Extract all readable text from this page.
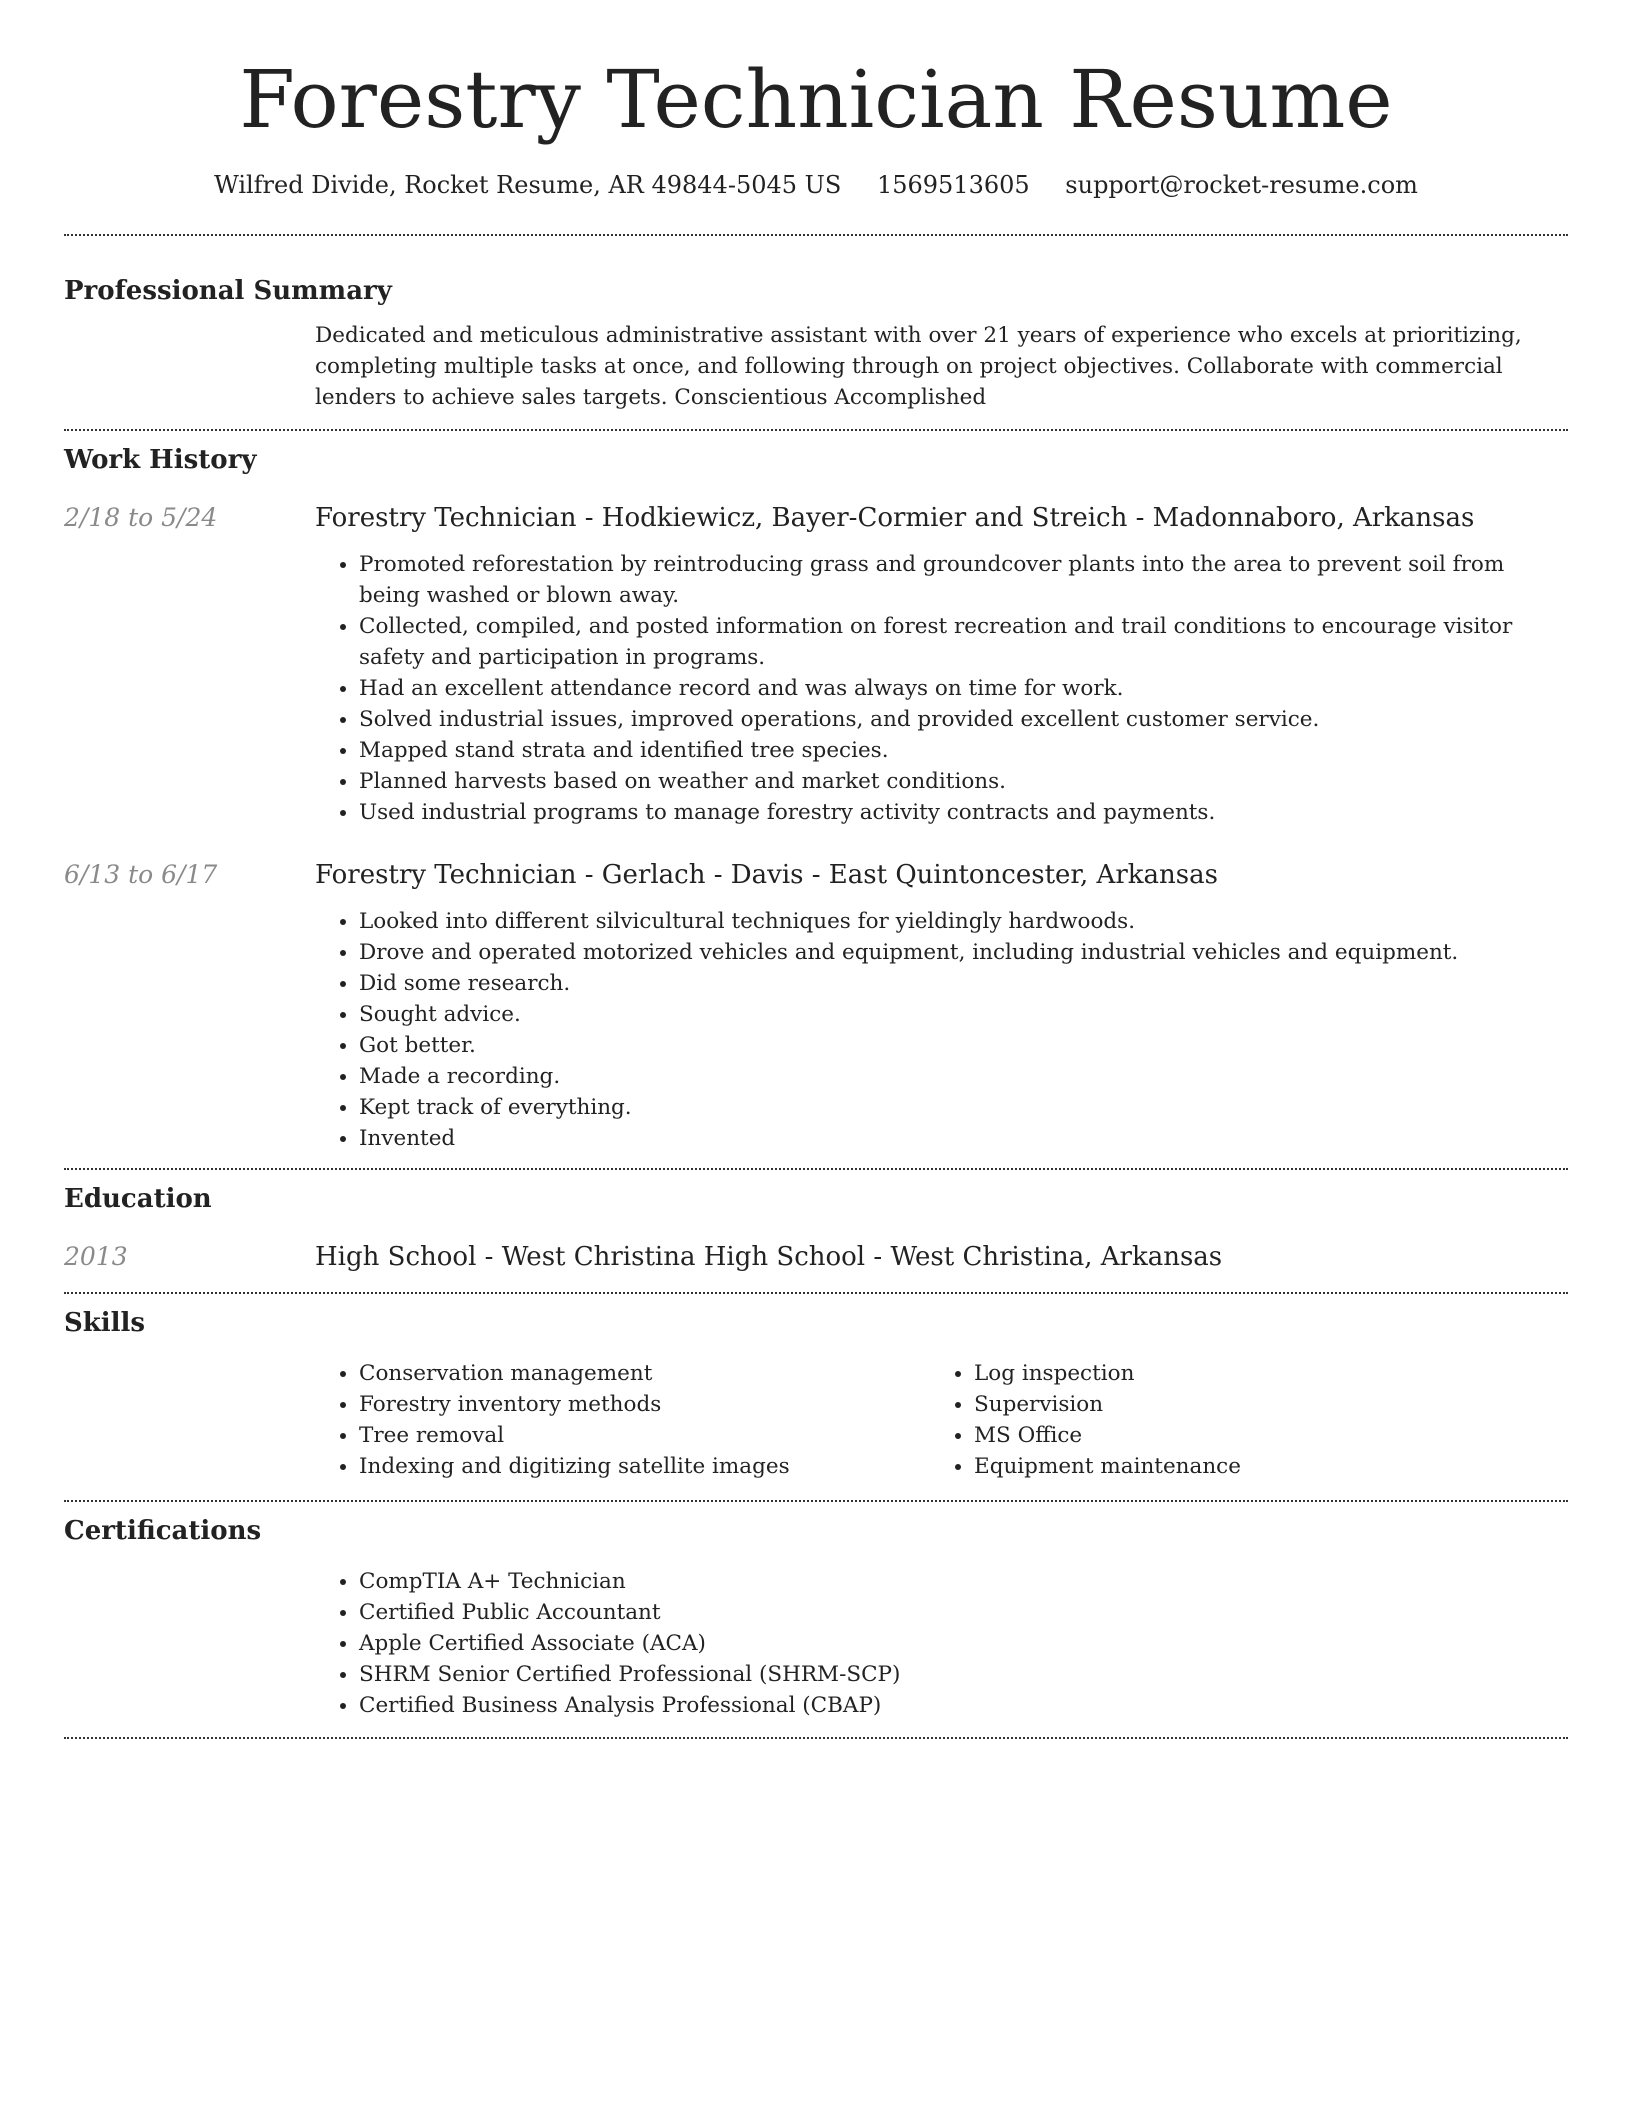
Forestry Technician Resume
Wilfred Divide, Rocket Resume, AR 49844-5045 US 1569513605 support@rocket-resume.com
Professional Summary
Dedicated and meticulous administrative assistant with over 21 years of experience who excels at prioritizing, completing multiple tasks at once, and following through on project objectives. Collaborate with commercial lenders to achieve sales targets. Conscientious Accomplished
Work History
2/18 to 5/24	Forestry Technician - Hodkiewicz, Bayer-Cormier and Streich - Madonnaboro, Arkansas
• Promoted reforestation by reintroducing grass and groundcover plants into the area to prevent soil from being washed or blown away.
• Collected, compiled, and posted information on forest recreation and trail conditions to encourage visitor safety and participation in programs.
• Had an excellent attendance record and was always on time for work.
• Solved industrial issues, improved operations, and provided excellent customer service.
• Mapped stand strata and identified tree species.
• Planned harvests based on weather and market conditions.
• Used industrial programs to manage forestry activity contracts and payments.
6/13 to 6/17	Forestry Technician - Gerlach - Davis - East Quintoncester, Arkansas
• Looked into different silvicultural techniques for yieldingly hardwoods.
• Drove and operated motorized vehicles and equipment, including industrial vehicles and equipment.
• Did some research.
• Sought advice.
• Got better.
• Made a recording.
• Kept track of everything.
• Invented
Education
2013	High School - West Christina High School - West Christina, Arkansas
Skills
• Conservation management
• Forestry inventory methods
• Tree removal
• Indexing and digitizing satellite images
• Log inspection
• Supervision
• MS Office
• Equipment maintenance
Certifications
• CompTIA A+ Technician
• Certified Public Accountant
• Apple Certified Associate (ACA)
• SHRM Senior Certified Professional (SHRM-SCP)
• Certified Business Analysis Professional (CBAP)
